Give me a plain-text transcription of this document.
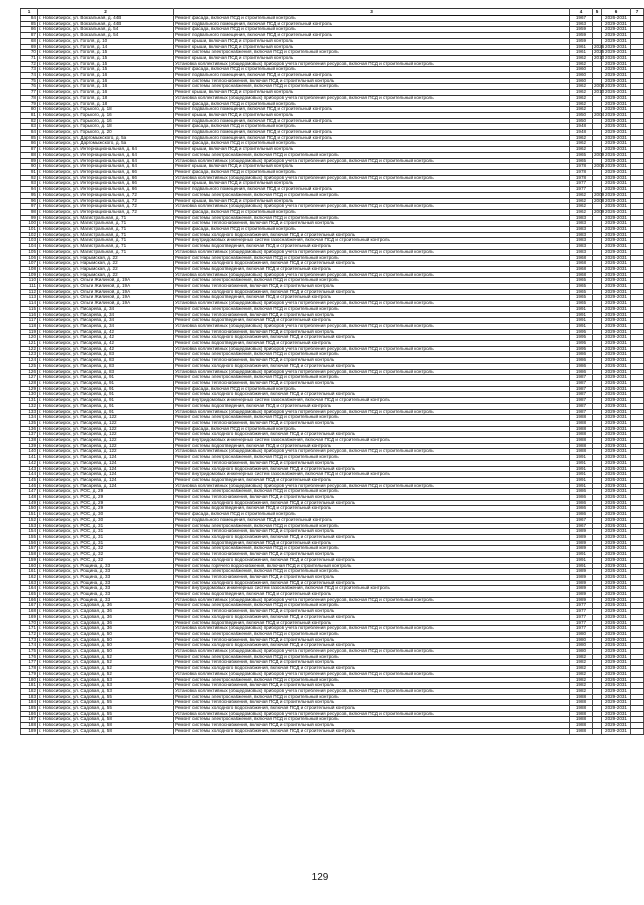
1	2	3	4	5	6	7
84	г. Новосибирск, ул. Вокзальная, д. 44В	Ремонт фасада, включая ПСД и строительный контроль	1967		2026-2031	
85	г. Новосибирск, ул. Вокзальная, д. 44В	Ремонт подвального помещения, включая ПСД и строительный контроль	1963		2029-2031	
86	г. Новосибирск, ул. Вокзальная, д. 54	Ремонт фасада, включая ПСД и строительный контроль	1959		2029-2031	
87	г. Новосибирск, ул. Вокзальная, д. 54	Ремонт подвального помещения, включая ПСД и строительный контроль	1959		2029-2031	
68	г. Новосибирск, ул. Гоголя, д. 10	Ремонт крыши, включая ПСД и строительный контроль	1959		2029-2031	
69	г. Новосибирск, ул. Гоголя, д. 14	Ремонт крыши, включая ПСД и строительный контроль	1961	2026	2029-2031	
70	г. Новосибирск, ул. Гоголя, д. 15	Ремонт системы электроснабжения, включая ПСД и строительный контроль	1961	2025	2029-2031	
71	г. Новосибирск, ул. Гоголя, д. 15	Ремонт крыши, включая ПСД и строительный контроль	1962	2010	2026-2031	
72	г. Новосибирск, ул. Гоголя, д. 15	Установка коллективных (общедомовых) приборов учета потребления ресурсов, включая ПСД и строительный контроль	1962		2029-2031	
73	г. Новосибирск, ул. Гоголя, д. 15	Ремонт фасада, включая ПСД и строительный контроль	1960		2029-2031	
74	г. Новосибирск, ул. Гоголя, д. 16	Ремонт подвального помещения, включая ПСД и строительный контроль	1960		2029-2031	
75	г. Новосибирск, ул. Гоголя, д. 16	Ремонт системы теплоснабжения, включая ПСД и строительный контроль	1960		2029-2031	
76	г. Новосибирск, ул. Гоголя, д. 16	Ремонт системы электроснабжения, включая ПСД и строительный контроль	1962	2008	2029-2031	
77	г. Новосибирск, ул. Гоголя, д. 16	Ремонт крыши, включая ПСД и строительный контроль	1962	2010	2026-2031	
78	г. Новосибирск, ул. Гоголя, д. 18	Установка коллективных (общедомовых) приборов учета потребления ресурсов, включая ПСД и строительный контроль	1962		2029-2031	
79	г. Новосибирск, ул. Гоголя, д. 18	Ремонт фасада, включая ПСД и строительный контроль	1962		2029-2031	
80	г. Новосибирск, ул. Горького, д. 18	Ремонт подвального помещения, включая ПСД и строительный контроль	1962		2029-2031	
81	г. Новосибирск, ул. Горького, д. 16	Ремонт крыши, включая ПСД и строительный контроль	1950	2004	2029-2031	
82	г. Новосибирск, ул. Горького, д. 16	Ремонт подвального помещения, включая ПСД и строительный контроль	1950		2029-2031	
83	г. Новосибирск, ул. Горького, д. 18	Ремонт фасада, включая ПСД и строительный контроль	1948		2026-2031	
84	г. Новосибирск, ул. Горького, д. 20	Ремонт подвального помещения, включая ПСД и строительный контроль	1948		2029-2031	
85	г. Новосибирск, ул. Даргомыжского, д. 5а	Ремонт подвального помещения, включая ПСД и строительный контроль	1962		2029-2031	
86	г. Новосибирск, ул. Даргомыжского, д. 5а	Ремонт фасада, включая ПСД и строительный контроль	1962		2029-2031	
87	г. Новосибирск, ул. Интернациональная, д. 64	Ремонт крыши, включая ПСД и строительный контроль	1962		2029-2031	
88	г. Новосибирск, ул. Интернациональная, д. 64	Ремонт системы электроснабжения, включая ПСД и строительный контроль	1965	2009	2026-2031	
89	г. Новосибирск, ул. Интернациональная, д. 64	Установка коллективных (общедомовых) приборов учета потребления ресурсов, включая ПСД и строительный контроль	1965		2029-2031	
90	г. Новосибирск, ул. Интернациональная, д. 64	Ремонт крыши, включая ПСД и строительный контроль	1978	2006	2029-2031	
91	г. Новосибирск, ул. Интернациональная, д. 66	Ремонт фасада, включая ПСД и строительный контроль	1978		2029-2031	
92	г. Новосибирск, ул. Интернациональная, д. 66	Установка коллективных (общедомовых) приборов учета потребления ресурсов, включая ПСД и строительный контроль	1978		2029-2031	
93	г. Новосибирск, ул. Интернациональная, д. 66	Ремонт крыши, включая ПСД и строительный контроль	1977		2026-2031	
94	г. Новосибирск, ул. Интернациональная, д. 66	Ремонт подвального помещения, включая ПСД и строительный контроль	1977		2029-2031	
95	г. Новосибирск, ул. Интернациональная, д. 72	Ремонт системы электроснабжения, включая ПСД и строительный контроль	1962	2009	2029-2031	
96	г. Новосибирск, ул. Интернациональная, д. 72	Ремонт крыши, включая ПСД и строительный контроль	1962	2008	2029-2031	
97	г. Новосибирск, ул. Интернациональная, д. 72	Установка коллективных (общедомовых) приборов учета потребления ресурсов, включая ПСД и строительный контроль	1962		2026-2031	
98	г. Новосибирск, ул. Интернациональная, д. 72	Ремонт фасада, включая ПСД и строительный контроль	1962	2009	2026-2031	
99	г. Новосибирск, ул. Магистральная, д. 71	Ремонт системы электроснабжения, включая ПСД и строительный контроль	1983		2029-2031	
100	г. Новосибирск, ул. Магистральная, д. 71	Ремонт системы теплоснабжения, включая ПСД и строительный контроль	1983		2029-2031	
101	г. Новосибирск, ул. Магистральная, д. 71	Ремонт фасада, включая ПСД и строительный контроль	1983		2029-2031	
102	г. Новосибирск, ул. Магистральная, д. 71	Ремонт системы холодного водоснабжения, включая ПСД и строительный контроль	1983		2029-2031	
103	г. Новосибирск, ул. Магистральная, д. 71	Ремонт внутридомовых инженерных систем газоснабжения, включая ПСД и строительный контроль	1983		2029-2031	
104	г. Новосибирск, ул. Магистральная, д. 71	Ремонт системы водоотведения, включая ПСД и строительный контроль	1983		2029-2031	
105	г. Новосибирск, ул. Магистральная, д. 71	Установка коллективных (общедомовых) приборов учета потребления ресурсов, включая ПСД и строительный контроль	1983		2029-2031	
106	г. Новосибирск, ул. Нарымская, д. 22	Ремонт системы электроснабжения, включая ПСД и строительный контроль	1968		2026-2031	
107	г. Новосибирск, ул. Нарымская, д. 22	Ремонт системы холодного водоснабжения, включая ПСД и строительный контроль	1968		2026-2031	
108	г. Новосибирск, ул. Нарымская, д. 22	Ремонт системы водоотведения, включая ПСД и строительный контроль	1968		2029-2031	
109	г. Новосибирск, ул. Нарымская, д. 22	Установка коллективных (общедомовых) приборов учета потребления ресурсов, включая ПСД и строительный контроль	1968		2029-2031	
110	г. Новосибирск, ул. Ольги Жилиной, д. 19А	Ремонт системы электроснабжения, включая ПСД и строительный контроль	1965		2029-2031	
111	г. Новосибирск, ул. Ольги Жилиной, д. 19А	Ремонт системы теплоснабжения, включая ПСД и строительный контроль	1965		2029-2031	
112	г. Новосибирск, ул. Ольги Жилиной, д. 19А	Ремонт системы холодного водоснабжения, включая ПСД и строительный контроль	1965		2029-2031	
113	г. Новосибирск, ул. Ольги Жилиной, д. 19А	Ремонт системы водоотведения, включая ПСД и строительный контроль	1965		2029-2031	
114	г. Новосибирск, ул. Ольги Жилиной, д. 19А	Установка коллективных (общедомовых) приборов учета потребления ресурсов, включая ПСД и строительный контроль	1965		2029-2031	
115	г. Новосибирск, ул. Писарева, д. 34	Ремонт системы электроснабжения, включая ПСД и строительный контроль	1991		2029-2031	
116	г. Новосибирск, ул. Писарева, д. 34	Ремонт системы теплоснабжения, включая ПСД и строительный контроль	1991		2029-2031	
117	г. Новосибирск, ул. Писарева, д. 34	Ремонт системы водоотведения, включая ПСД и строительный контроль	1991		2029-2031	
118	г. Новосибирск, ул. Писарева, д. 34	Установка коллективных (общедомовых) приборов учета потребления ресурсов, включая ПСД и строительный контроль	1991		2029-2031	
119	г. Новосибирск, ул. Писарева, д. 42	Ремонт системы теплоснабжения, включая ПСД и строительный контроль	1995		2029-2031	
120	г. Новосибирск, ул. Писарева, д. 42	Ремонт системы холодного водоснабжения, включая ПСД и строительный контроль	1995		2029-2031	
121	г. Новосибирск, ул. Писарева, д. 42	Ремонт системы водоотведения, включая ПСД и строительный контроль	1995		2029-2031	
122	г. Новосибирск, ул. Писарева, д. 42	Установка коллективных (общедомовых) приборов учета потребления ресурсов, включая ПСД и строительный контроль	1995		2029-2031	
123	г. Новосибирск, ул. Писарева, д. 83	Ремонт системы электроснабжения, включая ПСД и строительный контроль	1986		2029-2031	
124	г. Новосибирск, ул. Писарева, д. 83	Ремонт системы теплоснабжения, включая ПСД и строительный контроль	1986		2029-2031	
125	г. Новосибирск, ул. Писарева, д. 83	Ремонт системы холодного водоснабжения, включая ПСД и строительный контроль	1986		2026-2031	
126	г. Новосибирск, ул. Писарева, д. 83	Установка коллективных (общедомовых) приборов учета потребления ресурсов, включая ПСД и строительный контроль	1986		2029-2031	
127	г. Новосибирск, ул. Писарева, д. 91	Ремонт системы электроснабжения, включая ПСД и строительный контроль	1987		2029-2031	
128	г. Новосибирск, ул. Писарева, д. 91	Ремонт системы теплоснабжения, включая ПСД и строительный контроль	1987		2026-2031	
129	г. Новосибирск, ул. Писарева, д. 91	Ремонт фасада, включая ПСД и строительный контроль	1987		2026-2031	
130	г. Новосибирск, ул. Писарева, д. 91	Ремонт системы холодного водоснабжения, включая ПСД и строительный контроль	1987		2026-2031	
131	г. Новосибирск, ул. Писарева, д. 91	Ремонт внутридомовых инженерных систем газоснабжения, включая ПСД и строительный контроль	1987		2029-2031	
132	г. Новосибирск, ул. Писарева, д. 91	Ремонт системы водоотведения, включая ПСД и строительный контроль	1987		2029-2031	
133	г. Новосибирск, ул. Писарева, д. 91	Установка коллективных (общедомовых) приборов учета потребления ресурсов, включая ПСД и строительный контроль	1987		2029-2031	
134	г. Новосибирск, ул. Писарева, д. 122	Ремонт системы электроснабжения, включая ПСД и строительный контроль	1988		2029-2031	
135	г. Новосибирск, ул. Писарева, д. 122	Ремонт системы теплоснабжения, включая ПСД и строительный контроль	1988		2029-2031	
136	г. Новосибирск, ул. Писарева, д. 122	Ремонт фасада, включая ПСД и строительный контроль	1988		2029-2031	
137	г. Новосибирск, ул. Писарева, д. 122	Ремонт системы холодного водоснабжения, включая ПСД и строительный контроль	1988		2029-2031	
138	г. Новосибирск, ул. Писарева, д. 122	Ремонт внутридомовых инженерных систем газоснабжения, включая ПСД и строительный контроль	1988		2029-2031	
139	г. Новосибирск, ул. Писарева, д. 122	Ремонт системы водоотведения, включая ПСД и строительный контроль	1988		2029-2031	
140	г. Новосибирск, ул. Писарева, д. 122	Установка коллективных (общедомовых) приборов учета потребления ресурсов, включая ПСД и строительный контроль	1988		2029-2031	
141	г. Новосибирск, ул. Писарева, д. 124	Ремонт системы электроснабжения, включая ПСД и строительный контроль	1991		2029-2031	
142	г. Новосибирск, ул. Писарева, д. 124	Ремонт системы теплоснабжения, включая ПСД и строительный контроль	1991		2029-2031	
143	г. Новосибирск, ул. Писарева, д. 124	Ремонт системы холодного водоснабжения, включая ПСД и строительный контроль	1991		2026-2031	
144	г. Новосибирск, ул. Писарева, д. 124	Ремонт внутридомовых инженерных систем газоснабжения, включая ПСД и строительный контроль	1991		2026-2031	
145	г. Новосибирск, ул. Писарева, д. 124	Ремонт системы водоотведения, включая ПСД и строительный контроль	1991		2026-2031	
146	г. Новосибирск, ул. Писарева, д. 124	Установка коллективных (общедомовых) приборов учета потребления ресурсов, включая ПСД и строительный контроль	1991		2029-2031	
147	г. Новосибирск, ул. РОС, д. 29	Ремонт системы электроснабжения, включая ПСД и строительный контроль	1986		2029-2031	
148	г. Новосибирск, ул. РОС, д. 29	Ремонт системы теплоснабжения, включая ПСД и строительный контроль	1986		2026-2031	
149	г. Новосибирск, ул. РОС, д. 29	Ремонт системы холодного водоснабжения, включая ПСД и строительный контроль	1986		2026-2031	
150	г. Новосибирск, ул. РОС, д. 29	Ремонт системы водоотведения, включая ПСД и строительный контроль	1986		2029-2031	
151	г. Новосибирск, ул. РОС, д. 30	Ремонт фасада, включая ПСД и строительный контроль	1986		2029-2031	
152	г. Новосибирск, ул. РОС, д. 30	Ремонт подвального помещения, включая ПСД и строительный контроль	1967		2029-2031	
153	г. Новосибирск, ул. РОС, д. 31	Ремонт системы электроснабжения, включая ПСД и строительный контроль	1967		2026-2031	
154	г. Новосибирск, ул. РОС, д. 31	Ремонт системы теплоснабжения, включая ПСД и строительный контроль	1989		2029-2031	
155	г. Новосибирск, ул. РОС, д. 31	Ремонт системы холодного водоснабжения, включая ПСД и строительный контроль	1989		2029-2031	
156	г. Новосибирск, ул. РОС, д. 31	Ремонт системы водоотведения, включая ПСД и строительный контроль	1989		2029-2031	
157	г. Новосибирск, ул. РОС, д. 32	Ремонт системы электроснабжения, включая ПСД и строительный контроль	1989		2029-2031	
158	г. Новосибирск, ул. РОС, д. 32	Ремонт системы теплоснабжения, включая ПСД и строительный контроль	1991		2029-2031	
159	г. Новосибирск, ул. РОС, д. 32	Ремонт системы холодного водоснабжения, включая ПСД и строительный контроль	1991		2029-2031	
160	г. Новосибирск, ул. Рощина, д. 33	Ремонт системы горячего водоснабжения, включая ПСД и строительный контроль	1991		2029-2031	
161	г. Новосибирск, ул. Рощина, д. 33	Ремонт системы электроснабжения, включая ПСД и строительный контроль	1989		2026-2031	
162	г. Новосибирск, ул. Рощина, д. 33	Ремонт системы теплоснабжения, включая ПСД и строительный контроль	1989		2026-2031	
163	г. Новосибирск, ул. Рощина, д. 33	Ремонт системы холодного водоснабжения, включая ПСД и строительный контроль	1989		2029-2031	
164	г. Новосибирск, ул. Рощина, д. 33	Ремонт внутридомовых инженерных систем газоснабжения, включая ПСД и строительный контроль	1989		2029-2031	
165	г. Новосибирск, ул. Рощина, д. 33	Ремонт системы водоотведения, включая ПСД и строительный контроль	1989		2029-2031	
166	г. Новосибирск, ул. Рощина, д. 33	Установка коллективных (общедомовых) приборов учета потребления ресурсов, включая ПСД и строительный контроль	1989		2029-2031	
167	г. Новосибирск, ул. Садовая, д. 36	Ремонт системы электроснабжения, включая ПСД и строительный контроль	1977		2026-2031	
168	г. Новосибирск, ул. Садовая, д. 36	Ремонт системы теплоснабжения, включая ПСД и строительный контроль	1977		2029-2031	
169	г. Новосибирск, ул. Садовая, д. 36	Ремонт системы холодного водоснабжения, включая ПСД и строительный контроль	1977		2029-2031	
170	г. Новосибирск, ул. Садовая, д. 36	Ремонт системы водоотведения, включая ПСД и строительный контроль	1977		2026-2031	
171	г. Новосибирск, ул. Садовая, д. 36	Установка коллективных (общедомовых) приборов учета потребления ресурсов, включая ПСД и строительный контроль	1977		2026-2031	
172	г. Новосибирск, ул. Садовая, д. 50	Ремонт системы электроснабжения, включая ПСД и строительный контроль	1980		2029-2031	
173	г. Новосибирск, ул. Садовая, д. 50	Ремонт системы теплоснабжения, включая ПСД и строительный контроль	1980		2029-2031	
174	г. Новосибирск, ул. Садовая, д. 50	Ремонт системы холодного водоснабжения, включая ПСД и строительный контроль	1980		2026-2031	
175	г. Новосибирск, ул. Садовая, д. 50	Установка коллективных (общедомовых) приборов учета потребления ресурсов, включая ПСД и строительный контроль	1980		2029-2031	
176	г. Новосибирск, ул. Садовая, д. 52	Ремонт системы электроснабжения, включая ПСД и строительный контроль	1982		2029-2031	
177	г. Новосибирск, ул. Садовая, д. 52	Ремонт системы теплоснабжения, включая ПСД и строительный контроль	1982		2029-2031	
178	г. Новосибирск, ул. Садовая, д. 52	Ремонт системы холодного водоснабжения, включая ПСД и строительный контроль	1982		2029-2031	
179	г. Новосибирск, ул. Садовая, д. 52	Установка коллективных (общедомовых) приборов учета потребления ресурсов, включая ПСД и строительный контроль	1982		2029-2031	
180	г. Новосибирск, ул. Садовая, д. 53	Ремонт системы электроснабжения, включая ПСД и строительный контроль	1982		2026-2031	
181	г. Новосибирск, ул. Садовая, д. 53	Ремонт системы теплоснабжения, включая ПСД и строительный контроль	1982		2026-2031	
182	г. Новосибирск, ул. Садовая, д. 53	Установка коллективных (общедомовых) приборов учета потребления ресурсов, включая ПСД и строительный контроль	1982		2029-2031	
183	г. Новосибирск, ул. Садовая, д. 55	Ремонт системы электроснабжения, включая ПСД и строительный контроль	1988		2029-2031	
184	г. Новосибирск, ул. Садовая, д. 55	Ремонт системы теплоснабжения, включая ПСД и строительный контроль	1988		2029-2031	
185	г. Новосибирск, ул. Садовая, д. 55	Ремонт системы холодного водоснабжения, включая ПСД и строительный контроль	1988		2029-2031	
186	г. Новосибирск, ул. Садовая, д. 55	Установка коллективных (общедомовых) приборов учета потребления ресурсов, включая ПСД и строительный контроль	1988		2029-2031	
187	г. Новосибирск, ул. Садовая, д. 58	Ремонт системы электроснабжения, включая ПСД и строительный контроль	1988		2029-2031	
188	г. Новосибирск, ул. Садовая, д. 58	Ремонт системы теплоснабжения, включая ПСД и строительный контроль	1988		2029-2031	
189	г. Новосибирск, ул. Садовая, д. 58	Ремонт системы холодного водоснабжения, включая ПСД и строительный контроль	1988		2029-2031	
129
